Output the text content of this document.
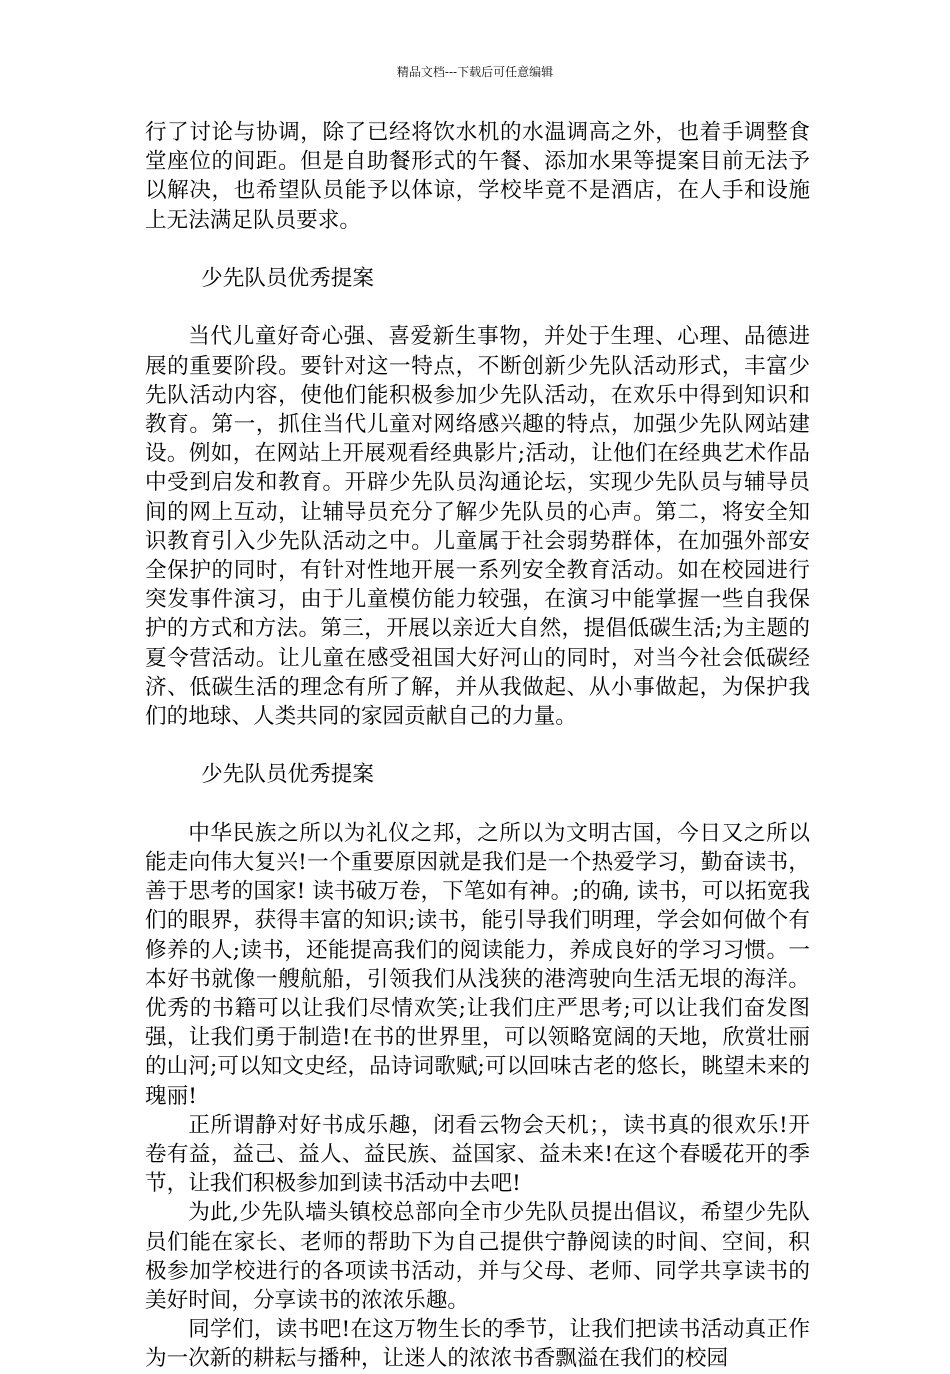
精品文档---下载后可任意编辑

行了讨论与协调，除了已经将饮水机的水温调高之外，也着手调整食堂座位的间距。但是自助餐形式的午餐、添加水果等提案目前无法予以解决，也希望队员能予以体谅，学校毕竟不是酒店，在人手和设施上无法满足队员要求。

少先队员优秀提案

当代儿童好奇心强、喜爱新生事物，并处于生理、心理、品德进展的重要阶段。要针对这一特点，不断创新少先队活动形式，丰富少先队活动内容，使他们能积极参加少先队活动，在欢乐中得到知识和教育。第一，抓住当代儿童对网络感兴趣的特点，加强少先队网站建设。例如，在网站上开展观看经典影片;活动，让他们在经典艺术作品中受到启发和教育。开辟少先队员沟通论坛，实现少先队员与辅导员间的网上互动，让辅导员充分了解少先队员的心声。第二，将安全知识教育引入少先队活动之中。儿童属于社会弱势群体，在加强外部安全保护的同时，有针对性地开展一系列安全教育活动。如在校园进行突发事件演习，由于儿童模仿能力较强，在演习中能掌握一些自我保护的方式和方法。第三，开展以亲近大自然，提倡低碳生活;为主题的夏令营活动。让儿童在感受祖国大好河山的同时，对当今社会低碳经济、低碳生活的理念有所了解，并从我做起、从小事做起，为保护我们的地球、人类共同的家园贡献自己的力量。

少先队员优秀提案

中华民族之所以为礼仪之邦，之所以为文明古国，今日又之所以能走向伟大复兴!一个重要原因就是我们是一个热爱学习，勤奋读书，善于思考的国家! 读书破万卷，下笔如有神。;的确, 读书，可以拓宽我们的眼界，获得丰富的知识;读书，能引导我们明理，学会如何做个有修养的人;读书，还能提高我们的阅读能力，养成良好的学习习惯。一本好书就像一艘航船，引领我们从浅狭的港湾驶向生活无垠的海洋。优秀的书籍可以让我们尽情欢笑;让我们庄严思考;可以让我们奋发图强，让我们勇于制造!在书的世界里，可以领略宽阔的天地，欣赏壮丽的山河;可以知文史经，品诗词歌赋;可以回味古老的悠长，眺望未来的瑰丽!

正所谓静对好书成乐趣，闭看云物会天机；，读书真的很欢乐!开卷有益，益己、益人、益民族、益国家、益未来!在这个春暖花开的季节，让我们积极参加到读书活动中去吧!

为此,少先队墙头镇校总部向全市少先队员提出倡议，希望少先队员们能在家长、老师的帮助下为自己提供宁静阅读的时间、空间，积极参加学校进行的各项读书活动，并与父母、老师、同学共享读书的美好时间，分享读书的浓浓乐趣。

同学们，读书吧!在这万物生长的季节，让我们把读书活动真正作为一次新的耕耘与播种，让迷人的浓浓书香飘溢在我们的校园
